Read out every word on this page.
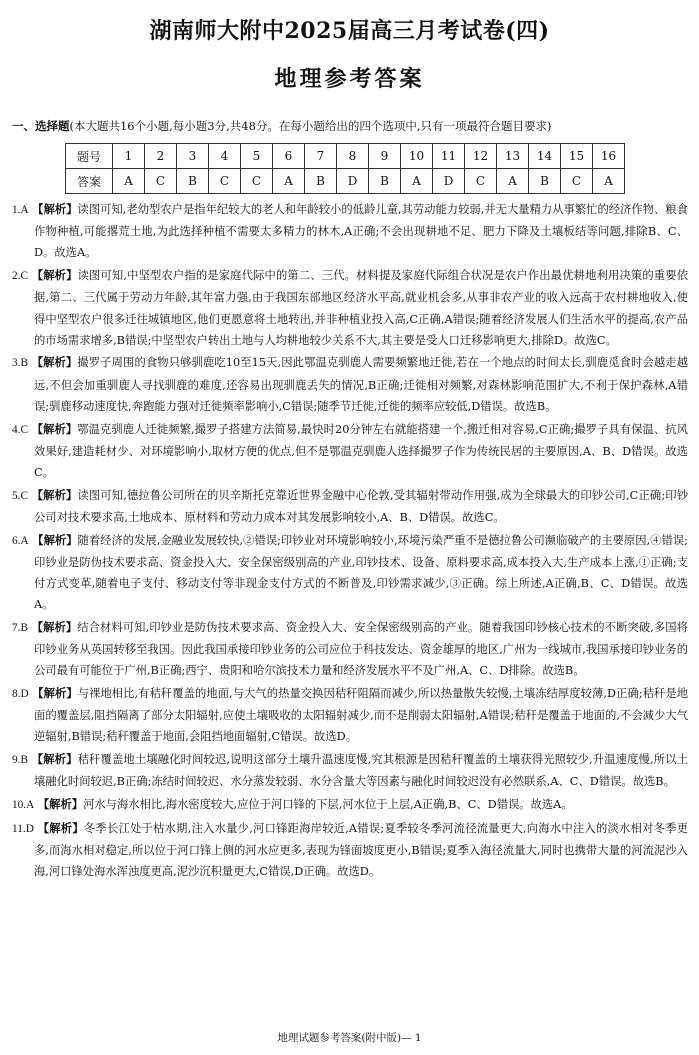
湖南师大附中2025届高三月考试卷(四)
地理参考答案
一、选择题(本大题共16个小题,每小题3分,共48分。在每小题给出的四个选项中,只有一项最符合题目要求)
题号	1	2	3	4	5	6	7	8	9	10	11	12	13	14	15	16
答案	A	C	B	C	C	A	B	D	B	A	D	C	A	B	C	A

1.A 【解析】读图可知,老幼型农户是指年纪较大的老人和年龄较小的低龄儿童,其劳动能力较弱,并无大量精力从事繁忙的经济作物、粮食作物种植,可能撂荒土地,为此选择种植不需要太多精力的林木,A正确;不会出现耕地不足、肥力下降及土壤板结等问题,排除B、C、D。故选A。

2.C 【解析】读图可知,中坚型农户指的是家庭代际中的第二、三代。材料提及家庭代际组合状况是农户作出最优耕地利用决策的重要依据,第二、三代属于劳动力年龄,其年富力强,由于我国东部地区经济水平高,就业机会多,从事非农产业的收入远高于农村耕地收入,使得中坚型农户很多迁往城镇地区,他们更愿意将土地转出,并非种植业投入高,C正确,A错误;随着经济发展人们生活水平的提高,农产品的市场需求增多,B错误;中坚型农户转出土地与人均耕地较少关系不大,其主要是受人口迁移影响更大,排除D。故选C。

3.B 【解析】撮罗子周围的食物只够驯鹿吃10至15天,因此鄂温克驯鹿人需要频繁地迁徙,若在一个地点的时间太长,驯鹿觅食时会越走越远,不但会加重驯鹿人寻找驯鹿的难度,还容易出现驯鹿丢失的情况,B正确;迁徙相对频繁,对森林影响范围扩大,不利于保护森林,A错误;驯鹿移动速度快,奔跑能力强对迁徙频率影响小,C错误;随季节迁徙,迁徙的频率应较低,D错误。故选B。

4.C 【解析】鄂温克驯鹿人迁徙频繁,撮罗子搭建方法简易,最快时20分钟左右就能搭建一个,搬迁相对容易,C正确;撮罗子具有保温、抗风效果好,建造耗材少、对环境影响小,取材方便的优点,但不是鄂温克驯鹿人选择撮罗子作为传统民居的主要原因,A、B、D错误。故选C。

5.C 【解析】读图可知,德拉鲁公司所在的贝辛斯托克靠近世界金融中心伦敦,受其辐射带动作用强,成为全球最大的印钞公司,C正确;印钞公司对技术要求高,土地成本、原材料和劳动力成本对其发展影响较小,A、B、D错误。故选C。

6.A 【解析】随着经济的发展,金融业发展较快,②错误;印钞业对环境影响较小,环境污染严重不是德拉鲁公司濒临破产的主要原因,④错误;印钞业是防伪技术要求高、资金投入大、安全保密级别高的产业,印钞技术、设备、原料要求高,成本投入大,生产成本上涨,①正确;支付方式变革,随着电子支付、移动支付等非现金支付方式的不断普及,印钞需求减少,③正确。综上所述,A正确,B、C、D错误。故选A。

7.B 【解析】结合材料可知,印钞业是防伪技术要求高、资金投入大、安全保密级别高的产业。随着我国印钞核心技术的不断突破,多国将印钞业务从英国转移至我国。因此我国承接印钞业务的公司应位于科技发达、资金雄厚的地区,广州为一线城市,我国承接印钞业务的公司最有可能位于广州,B正确;西宁、贵阳和哈尔滨技术力量和经济发展水平不及广州,A、C、D排除。故选B。

8.D 【解析】与裸地相比,有秸秆覆盖的地面,与大气的热量交换因秸秆阻隔而减少,所以热量散失较慢,土壤冻结厚度较薄,D正确;秸秆是地面的覆盖层,阻挡隔离了部分太阳辐射,应使土壤吸收的太阳辐射减少,而不是削弱太阳辐射,A错误;秸秆是覆盖于地面的,不会减少大气逆辐射,B错误;秸秆覆盖于地面,会阻挡地面辐射,C错误。故选D。

9.B 【解析】秸秆覆盖地土壤融化时间较迟,说明这部分土壤升温速度慢,究其根源是因秸秆覆盖的土壤获得光照较少,升温速度慢,所以土壤融化时间较迟,B正确;冻结时间较迟、水分蒸发较弱、水分含量大等因素与融化时间较迟没有必然联系,A、C、D错误。故选B。

10.A 【解析】河水与海水相比,海水密度较大,应位于河口锋的下层,河水位于上层,A正确,B、C、D错误。故选A。

11.D 【解析】冬季长江处于枯水期,注入水量少,河口锋距海岸较近,A错误;夏季较冬季河流径流量更大,向海水中注入的淡水相对冬季更多,而海水相对稳定,所以位于河口锋上侧的河水应更多,表现为锋面坡度更小,B错误;夏季入海径流量大,同时也携带大量的河流泥沙入海,河口锋处海水浑浊度更高,泥沙沉积量更大,C错误,D正确。故选D。

地理试题参考答案(附中版)— 1
